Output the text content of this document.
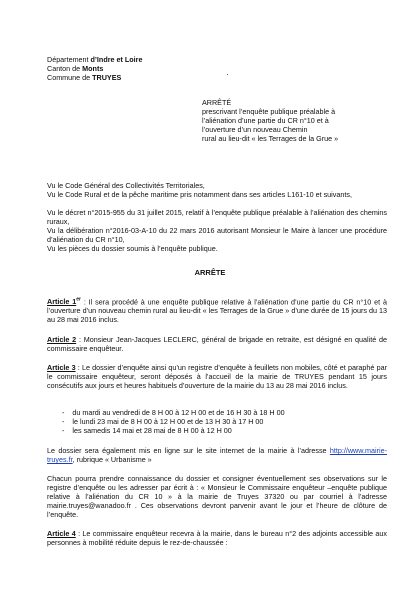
Département d’Indre et Loire
Canton de Monts
Commune de TRUYES
ARRÊTÉ
prescrivant l’enquête publique préalable à
l’aliénation d’une partie du CR n°10 et à
l’ouverture d’un nouveau Chemin
rural au lieu-dit « les Terrages de la Grue »
Vu le Code Général des Collectivités Territoriales,
Vu le Code Rural et de la pêche maritime pris notamment dans ses articles L161-10 et suivants,
Vu le décret n°2015-955 du 31 juillet 2015, relatif à l’enquête publique préalable à l’aliénation des chemins ruraux,
Vu la délibération n°2016-03-A-10 du 22 mars 2016 autorisant Monsieur le Maire à lancer une procédure d’aliénation du CR n°10,
Vu les pièces du dossier soumis à l’enquête publique.
ARRÊTE
Article 1er : Il sera procédé à une enquête publique relative à l’aliénation d’une partie du CR n°10 et à l’ouverture d’un nouveau chemin rural au lieu-dit « les Terrages de la Grue » d’une durée de 15 jours du 13 au 28 mai 2016 inclus.
Article 2 : Monsieur Jean-Jacques LECLERC, général de brigade en retraite, est désigné en qualité de commissaire enquêteur.
Article 3 : Le dossier d’enquête ainsi qu’un registre d’enquête à feuillets non mobiles, côté et paraphé par le commissaire enquêteur, seront déposés à l’accueil de la mairie de TRUYES pendant 15 jours consécutifs aux jours et heures habituels d’ouverture de la mairie du 13 au 28 mai 2016 inclus.
-    du mardi au vendredi de 8 H 00 à 12 H 00 et de 16 H 30 à 18 H 00
-    le lundi 23 mai de 8 H 00 à 12 H 00 et de 13 H 30 à 17 H 00
-    les samedis 14 mai et 28 mai de 8 H 00 à 12 H 00
Le dossier sera également mis en ligne sur le site internet de la mairie à l’adresse http://www.mairie-truyes.fr, rubrique « Urbanisme »
Chacun pourra prendre connaissance du dossier et consigner éventuellement ses observations sur le registre d’enquête ou les adresser par écrit à : « Monsieur le Commissaire enquêteur –enquête publique relative à l’aliénation du CR 10 » à la mairie de Truyes 37320 ou par courriel à l’adresse mairie.truyes@wanadoo.fr . Ces observations devront parvenir avant le jour et l’heure de clôture de l’enquête.
Article 4 : Le commissaire enquêteur recevra à la mairie, dans le bureau n°2 des adjoints accessible aux personnes à mobilité réduite depuis le rez-de-chaussée :
